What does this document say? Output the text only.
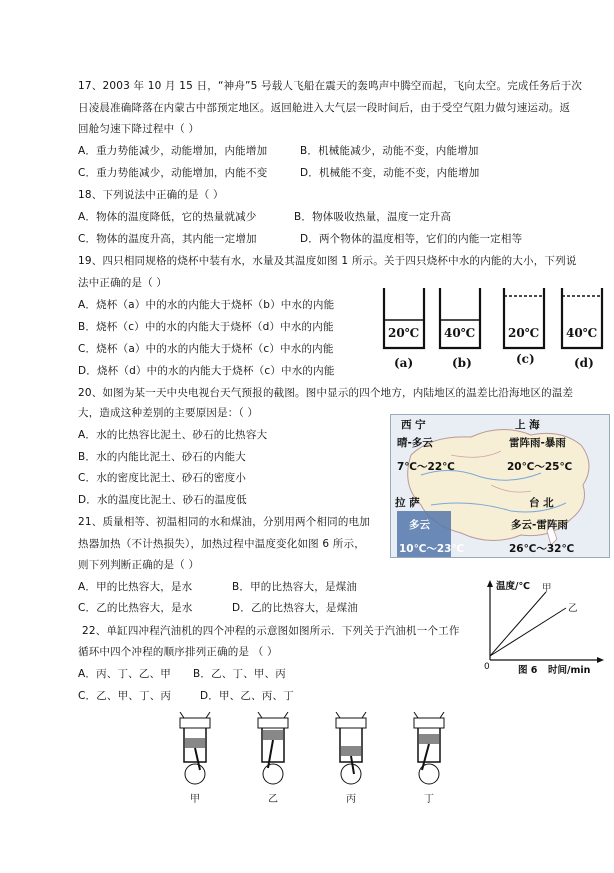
17、2003 年 10 月 15 日，“神舟”5 号载人飞船在震天的轰鸣声中腾空而起，飞向太空。完成任务后于次
日凌晨准确降落在内蒙古中部预定地区。返回舱进入大气层一段时间后，由于受空气阻力做匀速运动。返
回舱匀速下降过程中（ ）
A．重力势能减少，动能增加，内能增加	B．机械能减少，动能不变，内能增加
C．重力势能减少，动能增加，内能不变	D．机械能不变，动能不变，内能增加
18、下列说法中正确的是（ ）
A．物体的温度降低，它的热量就减少	B．物体吸收热量，温度一定升高
C．物体的温度升高，其内能一定增加	D．两个物体的温度相等，它们的内能一定相等
19、四只相同规格的烧杯中装有水，水量及其温度如图 1 所示。关于四只烧杯中水的内能的大小，下列说
法中正确的是（ ）
A．烧杯（a）中的水的内能大于烧杯（b）中水的内能
B．烧杯（c）中的水的内能大于烧杯（d）中水的内能
C．烧杯（a）中的水的内能大于烧杯（c）中水的内能
D．烧杯（d）中的水的内能大于烧杯（c）中水的内能
20℃ 40℃	20℃ 40℃
(a)	(b)	(c)	(d)
20、如图为某一天中央电视台天气预报的截图。图中显示的四个地方，内陆地区的温差比沿海地区的温差
大，造成这种差别的主要原因是：（ ）
A．水的比热容比泥土、砂石的比热容大
B．水的内能比泥土、砂石的内能大
C．水的密度比泥土、砂石的密度小
D．水的温度比泥土、砂石的温度低
西 宁
晴-多云
7℃～22℃
上 海
雷阵雨-暴雨
20℃～25℃
拉 萨
多云
10℃～23℃
台 北
多云-雷阵雨
26℃～32℃
21、质量相等、初温相同的水和煤油，分别用两个相同的电加
热器加热（不计热损失），加热过程中温度变化如图 6 所示，
则下列判断正确的是（ ）
A．甲的比热容大，是水	B．甲的比热容大，是煤油
C．乙的比热容大，是水	D．乙的比热容大，是煤油
温度/℃ 甲
乙
0	图 6 时间/min
22、单缸四冲程汽油机的四个冲程的示意图如图所示．下列关于汽油机一个工作
循环中四个冲程的顺序排列正确的是 （ ）
A．丙、丁、乙、甲 B．乙、丁、甲、丙
C．乙、甲、丁、丙	D．甲、乙、丙、丁
甲	乙	丙	丁
